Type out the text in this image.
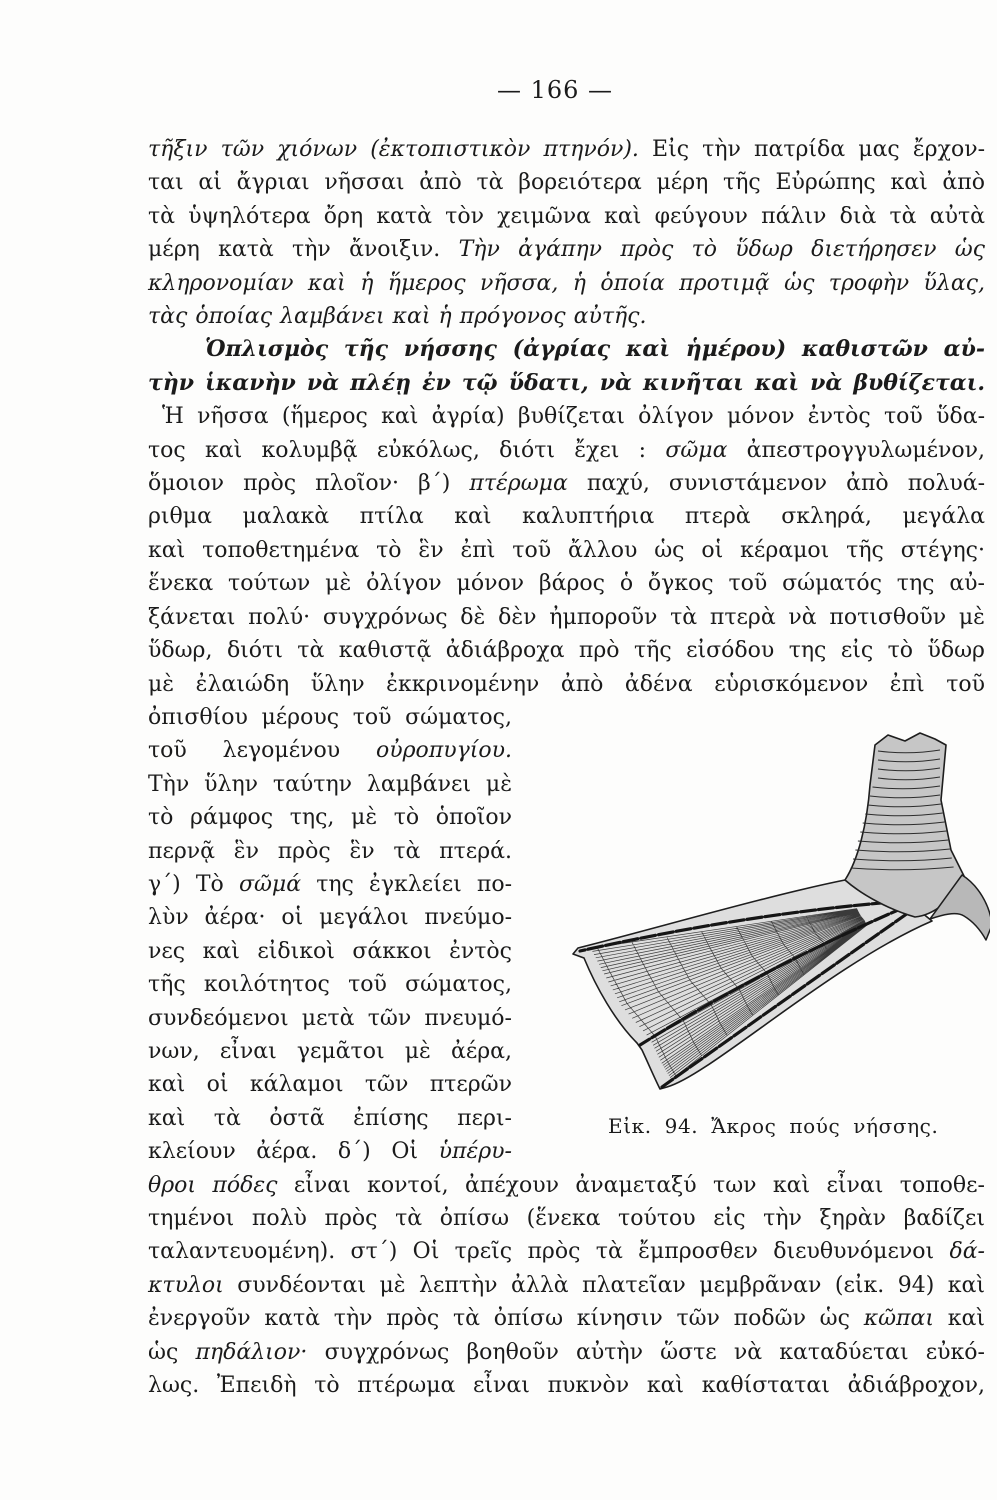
— 166 —
τῆξιν τῶν χιόνων (ἐκτοπιστικὸν πτηνόν). Εἰς τὴν πατρίδα μας ἔρχον-
ται αἱ ἄγριαι νῆσσαι ἀπὸ τὰ βορειότερα μέρη τῆς Εὐρώπης καὶ ἀπὸ
τὰ ὑψηλότερα ὄρη κατὰ τὸν χειμῶνα καὶ φεύγουν πάλιν διὰ τὰ αὐτὰ
μέρη κατὰ τὴν ἄνοιξιν. Τὴν ἀγάπην πρὸς τὸ ὕδωρ διετήρησεν ὡς
κληρονομίαν καὶ ἡ ἥμερος νῆσσα, ἡ ὁποία προτιμᾷ ὡς τροφὴν ὕλας,
τὰς ὁποίας λαμβάνει καὶ ἡ πρόγονος αὐτῆς.
Ὁπλισμὸς τῆς νήσσης (ἀγρίας καὶ ἡμέρου) καθιστῶν αὐ-
τὴν ἱκανὴν νὰ πλέῃ ἐν τῷ ὕδατι, νὰ κινῆται καὶ νὰ βυθίζεται.
Ἡ νῆσσα (ἥμερος καὶ ἀγρία) βυθίζεται ὀλίγον μόνον ἐντὸς τοῦ ὕδα-
τος καὶ κολυμβᾷ εὐκόλως, διότι ἔχει : σῶμα ἀπεστρογγυλωμένον,
ὅμοιον πρὸς πλοῖον· β΄) πτέρωμα παχύ, συνιστάμενον ἀπὸ πολυά-
ριθμα μαλακὰ πτίλα καὶ καλυπτήρια πτερὰ σκληρά, μεγάλα
καὶ τοποθετημένα τὸ ἓν ἐπὶ τοῦ ἄλλου ὡς οἱ κέραμοι τῆς στέγης·
ἕνεκα τούτων μὲ ὀλίγον μόνον βάρος ὁ ὄγκος τοῦ σώματός της αὐ-
ξάνεται πολύ· συγχρόνως δὲ δὲν ἠμποροῦν τὰ πτερὰ νὰ ποτισθοῦν μὲ
ὕδωρ, διότι τὰ καθιστᾷ ἀδιάβροχα πρὸ τῆς εἰσόδου της εἰς τὸ ὕδωρ
μὲ ἐλαιώδη ὕλην ἐκκρινομένην ἀπὸ ἀδένα εὑρισκόμενον ἐπὶ τοῦ
ὀπισθίου μέρους τοῦ σώματος,
τοῦ λεγομένου οὐροπυγίου.
Τὴν ὕλην ταύτην λαμβάνει μὲ
τὸ ράμφος της, μὲ τὸ ὁποῖον
περνᾷ ἓν πρὸς ἓν τὰ πτερά.
γ΄) Τὸ σῶμά της ἐγκλείει πο-
λὺν ἀέρα· οἱ μεγάλοι πνεύμο-
νες καὶ εἰδικοὶ σάκκοι ἐντὸς
τῆς κοιλότητος τοῦ σώματος,
συνδεόμενοι μετὰ τῶν πνευμό-
νων, εἶναι γεμᾶτοι μὲ ἀέρα,
καὶ οἱ κάλαμοι τῶν πτερῶν
καὶ τὰ ὀστᾶ ἐπίσης περι-
κλείουν ἀέρα. δ΄) Οἱ ὑπέρυ-
θροι πόδες εἶναι κοντοί, ἀπέχουν ἀναμεταξύ των καὶ εἶναι τοποθε-
τημένοι πολὺ πρὸς τὰ ὀπίσω (ἕνεκα τούτου εἰς τὴν ξηρὰν βαδίζει
ταλαντευομένη). στ΄) Οἱ τρεῖς πρὸς τὰ ἔμπροσθεν διευθυνόμενοι δά-
κτυλοι συνδέονται μὲ λεπτὴν ἀλλὰ πλατεῖαν μεμβρᾶναν (εἰκ. 94) καὶ
ἐνεργοῦν κατὰ τὴν πρὸς τὰ ὀπίσω κίνησιν τῶν ποδῶν ὡς κῶπαι καὶ
ὡς πηδάλιον· συγχρόνως βοηθοῦν αὐτὴν ὥστε νὰ καταδύεται εὐκό-
λως. Ἐπειδὴ τὸ πτέρωμα εἶναι πυκνὸν καὶ καθίσταται ἀδιάβροχον,
Εἰκ. 94. Ἄκρος πούς νήσσης.
